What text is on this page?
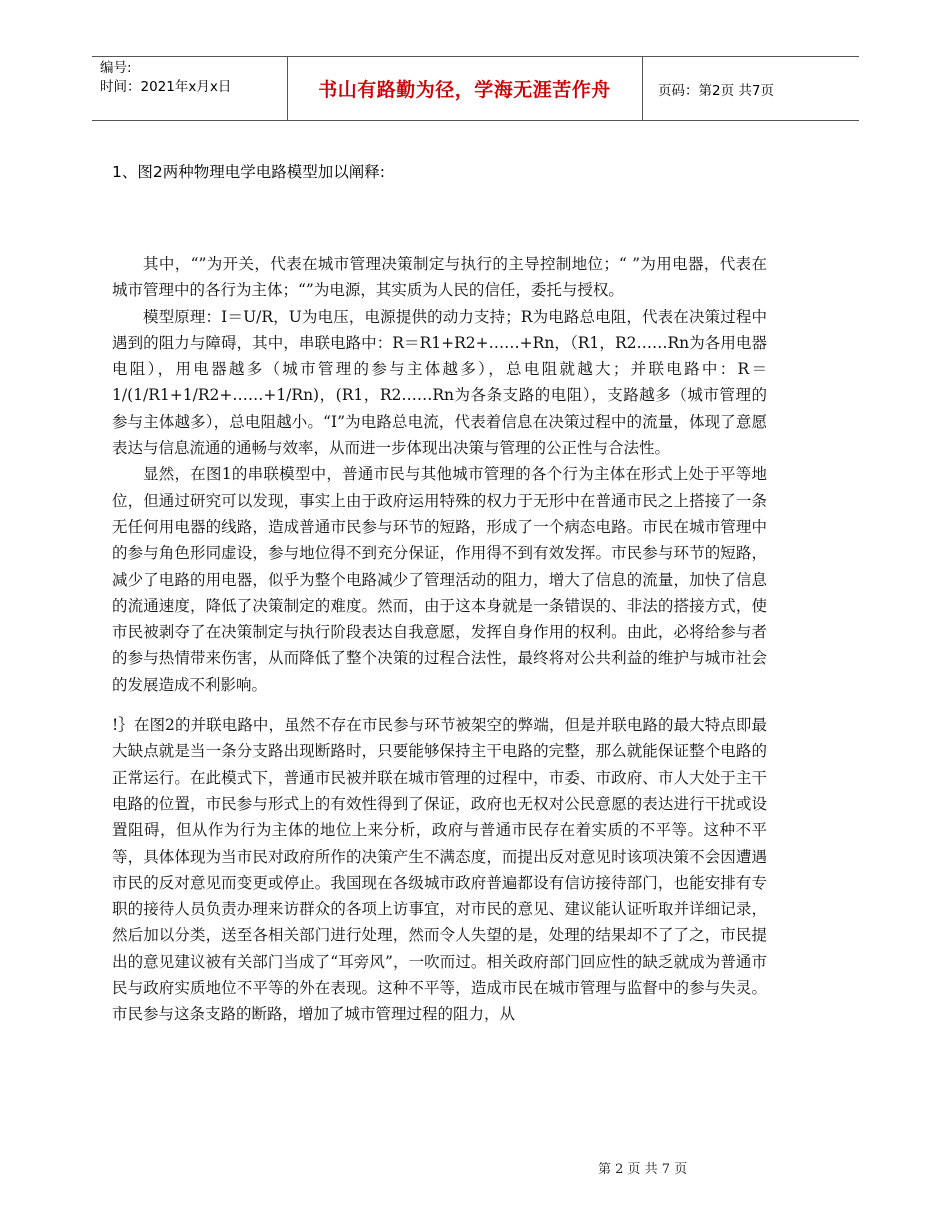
编号:
时间：2021年x月x日	书山有路勤为径，学海无涯苦作舟	页码：第2页 共7页
1、图2两种物理电学电路模型加以阐释:

其中，“”为开关，代表在城市管理决策制定与执行的主导控制地位；“ ”为用电器，代表在城市管理中的各行为主体；“”为电源，其实质为人民的信任，委托与授权。

模型原理：I＝U/R，U为电压，电源提供的动力支持；R为电路总电阻，代表在决策过程中遇到的阻力与障碍，其中，串联电路中：R＝R1+R2+……+Rn，（R1，R2……Rn为各用电器电阻），用电器越多（城市管理的参与主体越多），总电阻就越大；并联电路中：R＝1/(1/R1+1/R2+……+1/Rn)，(R1，R2……Rn为各条支路的电阻），支路越多（城市管理的参与主体越多），总电阻越小。“I”为电路总电流，代表着信息在决策过程中的流量，体现了意愿表达与信息流通的通畅与效率，从而进一步体现出决策与管理的公正性与合法性。

显然，在图1的串联模型中，普通市民与其他城市管理的各个行为主体在形式上处于平等地位，但通过研究可以发现，事实上由于政府运用特殊的权力于无形中在普通市民之上搭接了一条无任何用电器的线路，造成普通市民参与环节的短路，形成了一个病态电路。市民在城市管理中的参与角色形同虚设，参与地位得不到充分保证，作用得不到有效发挥。市民参与环节的短路，减少了电路的用电器，似乎为整个电路减少了管理活动的阻力，增大了信息的流量，加快了信息的流通速度，降低了决策制定的难度。然而，由于这本身就是一条错误的、非法的搭接方式，使市民被剥夺了在决策制定与执行阶段表达自我意愿，发挥自身作用的权利。由此，必将给参与者的参与热情带来伤害，从而降低了整个决策的过程合法性，最终将对公共利益的维护与城市社会的发展造成不利影响。

!｝在图2的并联电路中，虽然不存在市民参与环节被架空的弊端，但是并联电路的最大特点即最大缺点就是当一条分支路出现断路时，只要能够保持主干电路的完整，那么就能保证整个电路的正常运行。在此模式下，普通市民被并联在城市管理的过程中，市委、市政府、市人大处于主干电路的位置，市民参与形式上的有效性得到了保证，政府也无权对公民意愿的表达进行干扰或设置阻碍，但从作为行为主体的地位上来分析，政府与普通市民存在着实质的不平等。这种不平等，具体体现为当市民对政府所作的决策产生不满态度，而提出反对意见时该项决策不会因遭遇市民的反对意见而变更或停止。我国现在各级城市政府普遍都设有信访接待部门，也能安排有专职的接待人员负责办理来访群众的各项上访事宜，对市民的意见、建议能认证听取并详细记录，然后加以分类，送至各相关部门进行处理，然而令人失望的是，处理的结果却不了了之，市民提出的意见建议被有关部门当成了“耳旁风”，一吹而过。相关政府部门回应性的缺乏就成为普通市民与政府实质地位不平等的外在表现。这种不平等，造成市民在城市管理与监督中的参与失灵。市民参与这条支路的断路，增加了城市管理过程的阻力，从

第 2 页 共 7 页
